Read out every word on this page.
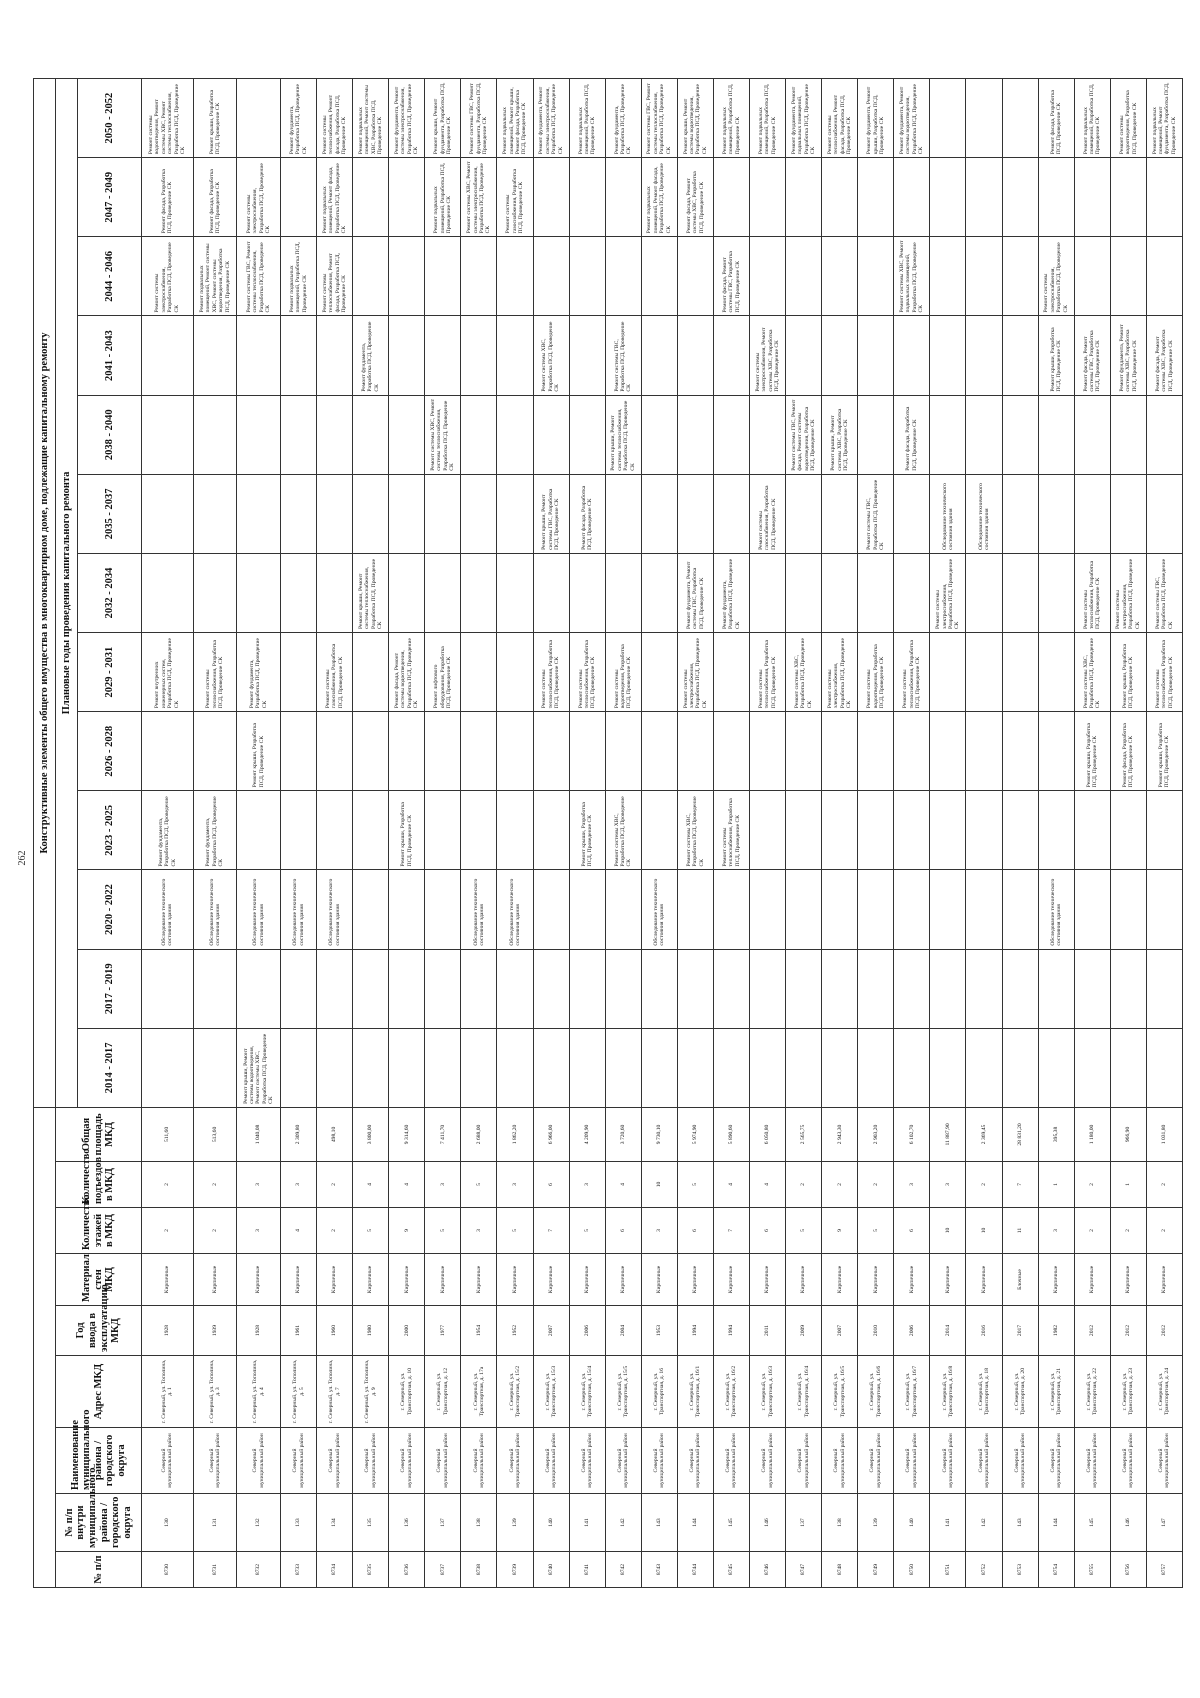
262
									Конструктивные элементы общего имущества в многоквартирном доме, подлежащие капитальному ремонту												
№ п/п	№ п/п внутри муниципального района / городского округа	Наименование муниципального района / городского округа	Адрес МКД	Год ввода в эксплуатацию МКД	Материал стен МКД	Количество этажей в МКД	Количество подъездов в МКД	Общая площадь МКД	Плановые годы проведения капитального ремонта												
									2014 - 2017	2017 - 2019	2020 - 2022	2023 - 2025	2026 - 2028	2029 - 2031	2032 - 2034	2035 - 2037	2038 - 2040	2041 - 2043	2044 - 2046	2047 - 2049	2050 - 2052
8730	130	Северный муниципальный район	г. Северный, ул. Тополина, д. 1	1928	Кирпичные	2	2	511,60			Обследование технического состояния здания	Ремонт фундамента, Разработка ПСД, Проведение СК		Ремонт внутренних инженерных систем, Разработка ПСД, Проведение СК					Ремонт системы электроснабжения, Разработка ПСД, Проведение СК	Ремонт фасада, Разработка ПСД, Проведение СК	Ремонт системы водоотведения, Ремонт системы ХВС, Ремонт системы теплоснабжения, Разработка ПСД, Проведение СК
8731	131	Северный муниципальный район	г. Северный, ул. Тополина, д. 3	1939	Кирпичные	2	2	513,60			Обследование технического состояния здания	Ремонт фундамента, Разработка ПСД, Проведение СК		Ремонт системы теплоснабжения, Разработка ПСД, Проведение СК					Ремонт подвальных помещений, Ремонт системы ХВС, Ремонт системы водоотведения, Разработка ПСД, Проведение СК	Ремонт фасада, Разработка ПСД, Проведение СК	Ремонт крыши, Разработка ПСД, Проведение СК
8732	132	Северный муниципальный район	г. Северный, ул. Тополина, д. 4	1928	Кирпичные	3	3	1 040,08	Ремонт крыши, Ремонт системы водоотведения, Ремонт системы ХВС, Разработка ПСД, Проведение СК		Обследование технического состояния здания		Ремонт крыши, Разработка ПСД, Проведение СК	Ремонт фундамента, Разработка ПСД, Проведение СК					Ремонт системы ГВС, Ремонт системы теплоснабжения, Разработка ПСД, Проведение СК	Ремонт системы электроснабжения, Разработка ПСД, Проведение СК	
8733	133	Северный муниципальный район	г. Северный, ул. Тополина, д. 5	1961	Кирпичные	4	3	2 309,80			Обследование технического состояния здания								Ремонт подвальных помещений, Разработка ПСД, Проведение СК		Ремонт фундамента, Разработка ПСД, Проведение СК
8734	134	Северный муниципальный район	г. Северный, ул. Тополина, д. 7	1960	Кирпичные	2	2	498,10			Обследование технического состояния здания			Ремонт системы газоснабжения, Разработка ПСД, Проведение СК					Ремонт системы теплоснабжения, Ремонт фасада, Разработка ПСД, Проведение СК	Ремонт подвальных помещений, Ремонт фасада, Разработка ПСД, Проведение СК	Ремонт системы теплоснабжения, Ремонт фасада, Разработка ПСД, Проведение СК
8735	135	Северный муниципальный район	г. Северный, ул. Тополина, д. 9	1980	Кирпичные	5	4	3 800,00							Ремонт крыши, Ремонт системы теплоснабжения, Разработка ПСД, Проведение СК			Ремонт фундамента, Разработка ПСД, Проведение СК			Ремонт подвальных помещений, Ремонт системы ХВС, Разработка ПСД, Проведение СК
8736	136	Северный муниципальный район	г. Северный, ул. Транспортная, д. 10	2000	Кирпичные	9	4	9 314,60				Ремонт крыши, Разработка ПСД, Проведение СК		Ремонт фасада, Ремонт системы водоотведения, Разработка ПСД, Проведение СК							Ремонт фундамента, Ремонт системы электроснабжения, Разработка ПСД, Проведение СК
8737	137	Северный муниципальный район	г. Северный, ул. Транспортная, д. 12	1977	Кирпичные	5	3	7 411,70						Ремонт лифтового оборудования, Разработка ПСД, Проведение СК			Ремонт системы ХВС, Ремонт системы теплоснабжения, Разработка ПСД, Проведение СК			Ремонт подвальных помещений, Разработка ПСД, Проведение СК	Ремонт крыши, Ремонт фундамента, Разработка ПСД, Проведение СК
8738	138	Северный муниципальный район	г. Северный, ул. Транспортная, д. 17а	1954	Кирпичные	3	5	2 688,00			Обследование технического состояния здания									Ремонт системы ХВС, Ремонт системы электроснабжения, Разработка ПСД, Проведение СК	Ремонт системы ГВС, Ремонт фундамента, Разработка ПСД, Проведение СК
8739	139	Северный муниципальный район	г. Северный, ул. Транспортная, д. 15/2	1952	Кирпичные	5	3	1 862,20			Обследование технического состояния здания									Ремонт системы газоснабжения, Разработка ПСД, Проведение СК	Ремонт подвальных помещений, Ремонт крыши, Ремонт фасада, Разработка ПСД, Проведение СК
8740	140	Северный муниципальный район	г. Северный, ул. Транспортная, д. 15/3	2007	Кирпичные	7	6	6 966,00						Ремонт системы теплоснабжения, Разработка ПСД, Проведение СК		Ремонт крыши, Ремонт системы ГВС, Разработка ПСД, Проведение СК		Ремонт системы ХВС, Разработка ПСД, Проведение СК			Ремонт фундамента, Ремонт системы электроснабжения, Разработка ПСД, Проведение СК
8741	141	Северный муниципальный район	г. Северный, ул. Транспортная, д. 15/4	2006	Кирпичные	5	3	4 209,90				Ремонт крыши, Разработка ПСД, Проведение СК		Ремонт системы теплоснабжения, Разработка ПСД, Проведение СК		Ремонт фасада, Разработка ПСД, Проведение СК					Ремонт подвальных помещений, Разработка ПСД, Проведение СК
8742	142	Северный муниципальный район	г. Северный, ул. Транспортная, д. 15/5	2004	Кирпичные	6	4	3 720,60				Ремонт системы ХВС, Разработка ПСД, Проведение СК		Ремонт системы водоотведения, Разработка ПСД, Проведение СК			Ремонт крыши, Ремонт системы теплоснабжения, Разработка ПСД, Проведение СК	Ремонт системы ГВС, Разработка ПСД, Проведение СК			Ремонт фундамента, Разработка ПСД, Проведение СК
8743	143	Северный муниципальный район	г. Северный, ул. Транспортная, д. 16	1953	Кирпичные	3	10	9 730,10			Обследование технического состояния здания									Ремонт подвальных помещений, Ремонт фасада, Разработка ПСД, Проведение СК	Ремонт системы ГВС, Ремонт системы теплоснабжения, Разработка ПСД, Проведение СК
8744	144	Северный муниципальный район	г. Северный, ул. Транспортная, д. 16/1	1994	Кирпичные	6	5	5 974,90				Ремонт системы ХВС, Разработка ПСД, Проведение СК		Ремонт системы электроснабжения, Разработка ПСД, Проведение СК	Ремонт фундамента, Ремонт системы ГВС, Разработка ПСД, Проведение СК					Ремонт фасада, Ремонт системы ХВС, Разработка ПСД, Проведение СК	Ремонт крыши, Ремонт системы водоотведения, Разработка ПСД, Проведение СК
8745	145	Северный муниципальный район	г. Северный, ул. Транспортная, д. 16/2	1994	Кирпичные	7	4	5 890,60				Ремонт системы теплоснабжения, Разработка ПСД, Проведение СК			Ремонт фундамента, Разработка ПСД, Проведение СК				Ремонт фасада, Ремонт системы ГВС, Разработка ПСД, Проведение СК		Ремонт подвальных помещений, Разработка ПСД, Проведение СК
8746	146	Северный муниципальный район	г. Северный, ул. Транспортная, д. 16/3	2011	Кирпичные	6	4	6 050,80						Ремонт системы теплоснабжения, Разработка ПСД, Проведение СК		Ремонт системы газоснабжения, Разработка ПСД, Проведение СК		Ремонт системы электроснабжения, Ремонт системы ХВС, Разработка ПСД, Проведение СК			Ремонт подвальных помещений, Разработка ПСД, Проведение СК
8747	137	Северный муниципальный район	г. Северный, ул. Транспортная, д. 16/4	2009	Кирпичные	5	2	2 565,75						Ремонт системы ХВС, Разработка ПСД, Проведение СК			Ремонт системы ГВС, Ремонт фасада, Ремонт системы водоотведения, Разработка ПСД, Проведение СК				Ремонт фундамента, Ремонт подвальных помещений, Разработка ПСД, Проведение СК
8748	138	Северный муниципальный район	г. Северный, ул. Транспортная, д. 16/5	2007	Кирпичные	9	2	2 943,30						Ремонт системы электроснабжения, Разработка ПСД, Проведение СК			Ремонт крыши, Ремонт системы ХВС, Разработка ПСД, Проведение СК				Ремонт системы теплоснабжения, Ремонт фасада, Разработка ПСД, Проведение СК
8749	139	Северный муниципальный район	г. Северный, ул. Транспортная, д. 16/6	2010	Кирпичные	5	2	2 903,20						Ремонт системы водоотведения, Разработка ПСД, Проведение СК		Ремонт системы ГВС, Разработка ПСД, Проведение СК					Ремонт фундамента, Ремонт крыши, Разработка ПСД, Проведение СК
8750	140	Северный муниципальный район	г. Северный, ул. Транспортная, д. 16/7	2006	Кирпичные	6	3	6 102,70						Ремонт системы теплоснабжения, Разработка ПСД, Проведение СК			Ремонт фасада, Разработка ПСД, Проведение СК		Ремонт системы ХВС, Ремонт подвальных помещений, Разработка ПСД, Проведение СК		Ремонт фундамента, Ремонт системы водоотведения, Разработка ПСД, Проведение СК
8751	141	Северный муниципальный район	г. Северный, ул. Транспортная, д. 16/8	2014	Кирпичные	10	3	11 887,90							Ремонт системы электроснабжения, Разработка ПСД, Проведение СК	Обследование технического состояния здания					
8752	142	Северный муниципальный район	г. Северный, ул. Транспортная, д. 18	2016	Кирпичные	10	2	2 369,45								Обследование технического состояния здания					
8753	143	Северный муниципальный район	г. Северный, ул. Транспортная, д. 20	2017	Блочные	11	7	28 831,20													
8754	144	Северный муниципальный район	г. Северный, ул. Транспортная, д. 21	1982	Кирпичные	3	1	395,38			Обследование технического состояния здания							Ремонт крыши, Разработка ПСД, Проведение СК	Ремонт системы электроснабжения, Разработка ПСД, Проведение СК		Ремонт фасада, Разработка ПСД, Проведение СК
8755	145	Северный муниципальный район	г. Северный, ул. Транспортная, д. 22	2012	Кирпичные	2	2	1 180,00					Ремонт крыши, Разработка ПСД, Проведение СК	Ремонт системы ХВС, Разработка ПСД, Проведение СК	Ремонт системы теплоснабжения, Разработка ПСД, Проведение СК			Ремонт фасада, Ремонт системы ГВС, Разработка ПСД, Проведение СК			Ремонт подвальных помещений, Разработка ПСД, Проведение СК
8756	146	Северный муниципальный район	г. Северный, ул. Транспортная, д. 23	2012	Кирпичные	2	1	966,90					Ремонт фасада, Разработка ПСД, Проведение СК	Ремонт крыши, Разработка ПСД, Проведение СК	Ремонт системы электроснабжения, Разработка ПСД, Проведение СК			Ремонт фундамента, Ремонт системы ХВС, Разработка ПСД, Проведение СК			Ремонт системы водоотведения, Разработка ПСД, Проведение СК
8757	147	Северный муниципальный район	г. Северный, ул. Транспортная, д. 24	2012	Кирпичные	2	2	1 031,80					Ремонт крыши, Разработка ПСД, Проведение СК	Ремонт системы теплоснабжения, Разработка ПСД, Проведение СК	Ремонт системы ГВС, Разработка ПСД, Проведение СК			Ремонт фасада, Ремонт системы ХВС, Разработка ПСД, Проведение СК			Ремонт подвальных помещений, Ремонт фундамента, Разработка ПСД, Проведение СК
